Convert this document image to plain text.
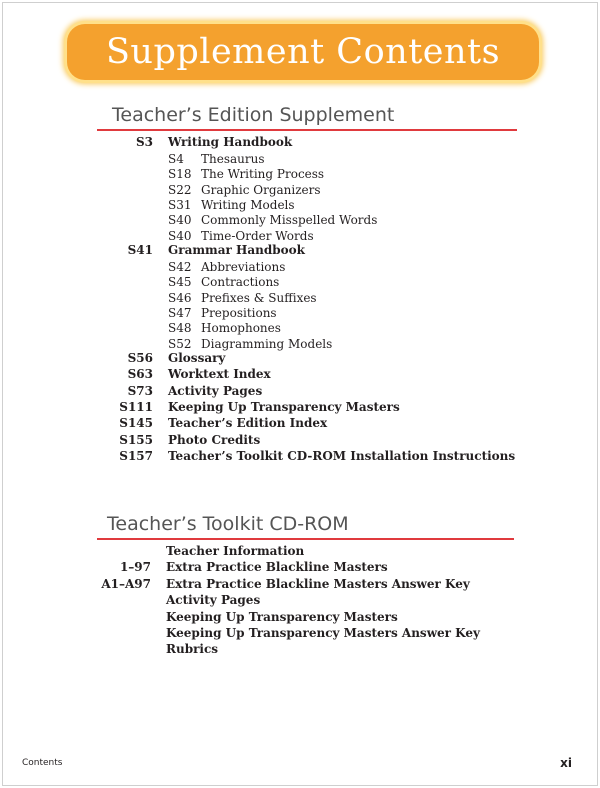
Supplement Contents
Teacher’s Edition Supplement
S3 Writing Handbook
S4 Thesaurus
S18 The Writing Process
S22 Graphic Organizers
S31 Writing Models
S40 Commonly Misspelled Words
S40 Time-Order Words
S41 Grammar Handbook
S42 Abbreviations
S45 Contractions
S46 Prefixes & Suffixes
S47 Prepositions
S48 Homophones
S52 Diagramming Models
S56 Glossary
S63 Worktext Index
S73 Activity Pages
S111 Keeping Up Transparency Masters
S145 Teacher’s Edition Index
S155 Photo Credits
S157 Teacher’s Toolkit CD-ROM Installation Instructions
Teacher’s Toolkit CD-ROM
Teacher Information
1–97 Extra Practice Blackline Masters
A1–A97 Extra Practice Blackline Masters Answer Key
Activity Pages
Keeping Up Transparency Masters
Keeping Up Transparency Masters Answer Key
Rubrics
Contents	xi
